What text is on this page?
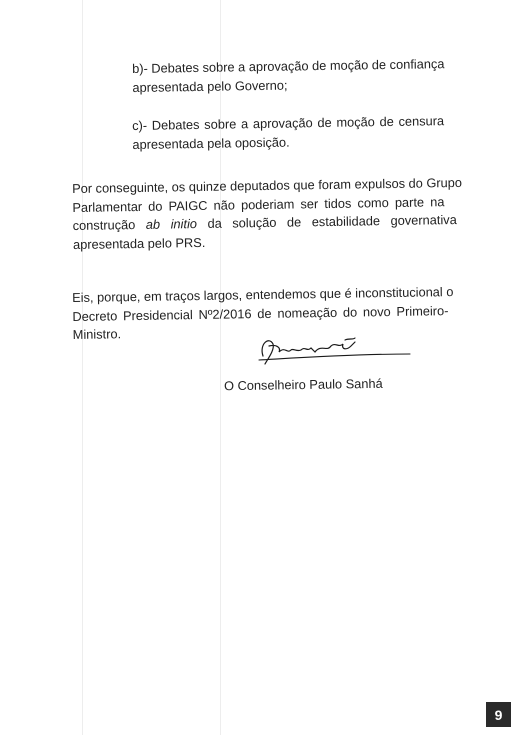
b)- Debates sobre a aprovação de moção de confiança
apresentada pelo Governo;

c)- Debates sobre a aprovação de moção de censura
apresentada pela oposição.

Por conseguinte, os quinze deputados que foram expulsos do Grupo
Parlamentar do PAIGC não poderiam ser tidos como parte na
construção ab initio da solução de estabilidade governativa
apresentada pelo PRS.

Eis, porque, em traços largos, entendemos que é inconstitucional o
Decreto Presidencial Nº2/2016 de nomeação do novo Primeiro-
Ministro.

O Conselheiro Paulo Sanhá
9
